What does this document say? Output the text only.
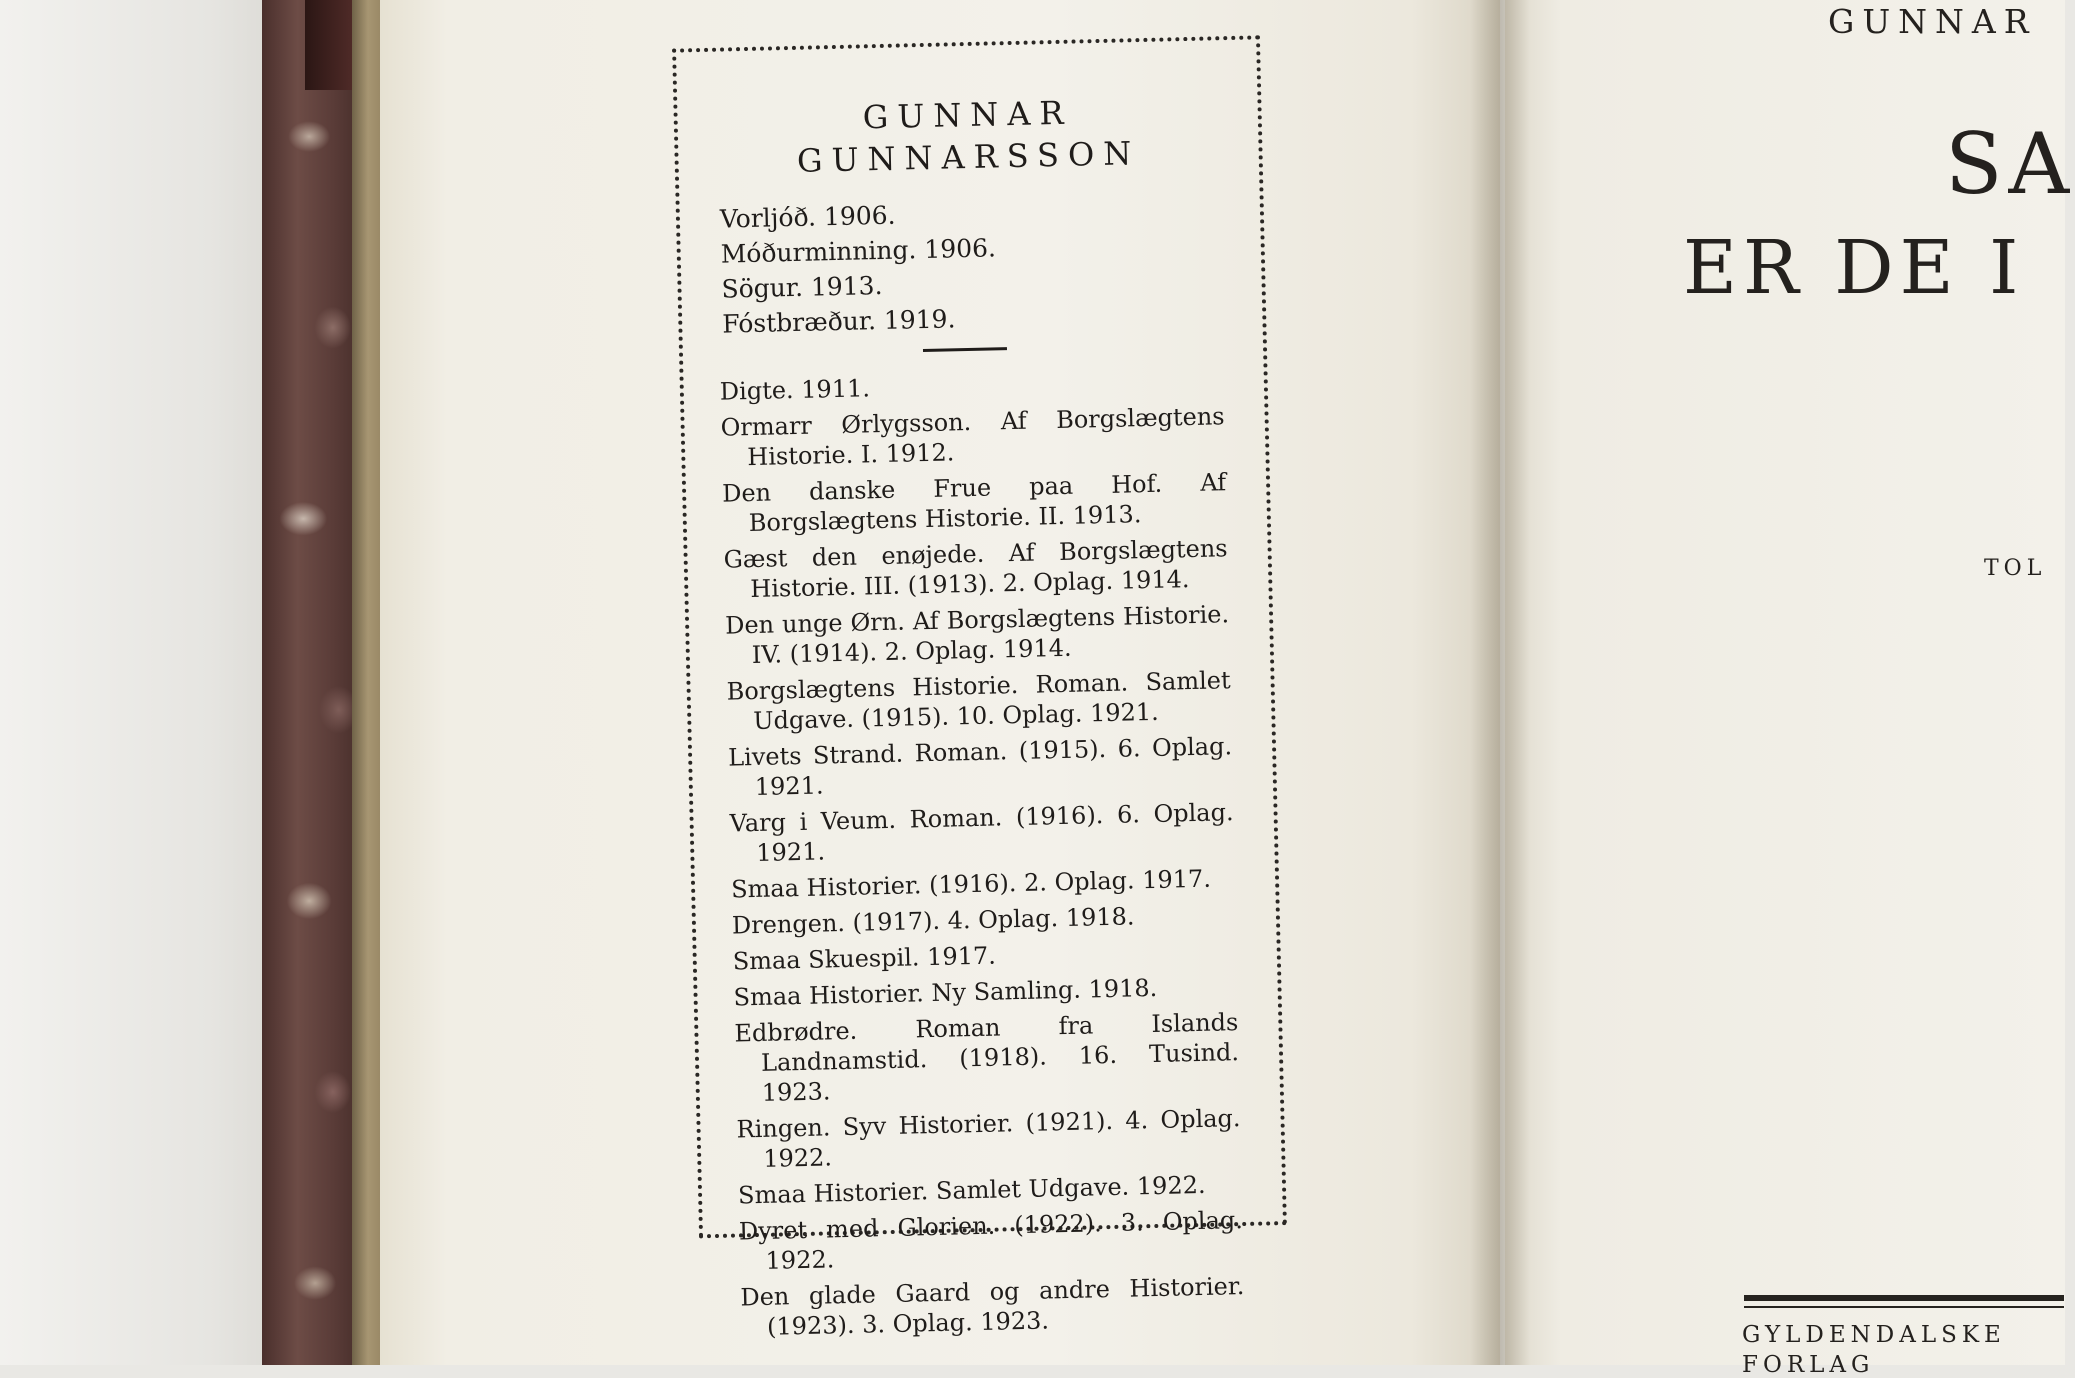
GUNNAR
GUNNARSSON
Vorljóð. 1906.
Móðurminning. 1906.
Sögur. 1913.
Fóstbræður. 1919.
Digte. 1911.
Ormarr Ørlygsson. Af Borgslægtens Historie. I. 1912.
Den danske Frue paa Hof. Af Borgslægtens Historie. II. 1913.
Gæst den enøjede. Af Borgslægtens Historie. III. (1913). 2. Oplag. 1914.
Den unge Ørn. Af Borgslægtens Historie. IV. (1914). 2. Oplag. 1914.
Borgslægtens Historie. Roman. Samlet Udgave. (1915). 10. Oplag. 1921.
Livets Strand. Roman. (1915). 6. Oplag. 1921.
Varg i Veum. Roman. (1916). 6. Oplag. 1921.
Smaa Historier. (1916). 2. Oplag. 1917.
Drengen. (1917). 4. Oplag. 1918.
Smaa Skuespil. 1917.
Smaa Historier. Ny Samling. 1918.
Edbrødre. Roman fra Islands Landnamstid. (1918). 16. Tusind. 1923.
Ringen. Syv Historier. (1921). 4. Oplag. 1922.
Smaa Historier. Samlet Udgave. 1922.
Dyret med Glorien. (1922). 3. Oplag. 1922.
Den glade Gaard og andre Historier. (1923). 3. Oplag. 1923.
GUNNAR
SA
ER DE I
TOL
GYLDENDALSKE
FORLAG
